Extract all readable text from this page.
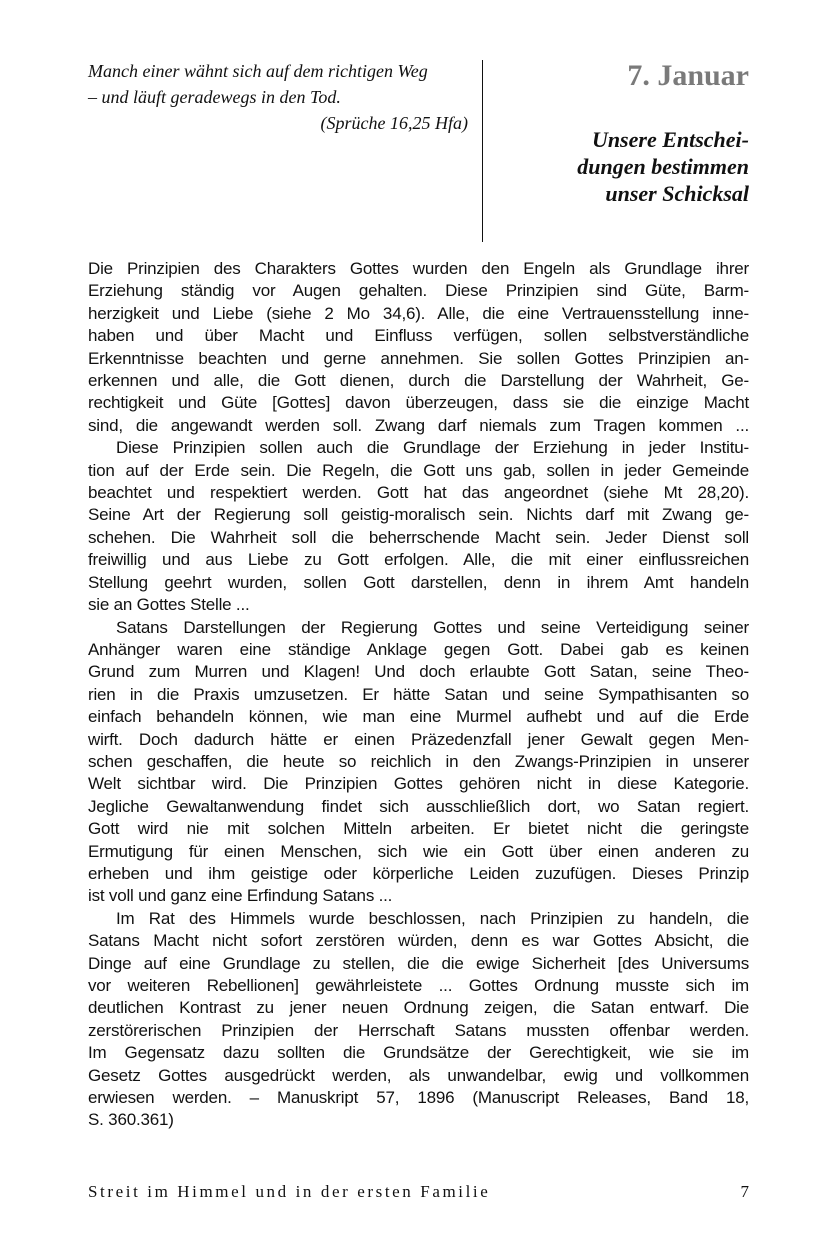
Manch einer wähnt sich auf dem richtigen Weg
– und läuft geradewegs in den Tod.
(Sprüche 16,25 Hfa)
7. Januar
Unsere Entschei-
dungen bestimmen
unser Schicksal
Die Prinzipien des Charakters Gottes wurden den Engeln als Grundlage ihrer
Erziehung ständig vor Augen gehalten. Diese Prinzipien sind Güte, Barm-
herzigkeit und Liebe (siehe 2 Mo 34,6). Alle, die eine Vertrauensstellung inne-
haben und über Macht und Einfluss verfügen, sollen selbstverständliche
Erkenntnisse beachten und gerne annehmen. Sie sollen Gottes Prinzipien an-
erkennen und alle, die Gott dienen, durch die Darstellung der Wahrheit, Ge-
rechtigkeit und Güte [Gottes] davon überzeugen, dass sie die einzige Macht
sind, die angewandt werden soll. Zwang darf niemals zum Tragen kommen ...
Diese Prinzipien sollen auch die Grundlage der Erziehung in jeder Institu-
tion auf der Erde sein. Die Regeln, die Gott uns gab, sollen in jeder Gemeinde
beachtet und respektiert werden. Gott hat das angeordnet (siehe Mt 28,20).
Seine Art der Regierung soll geistig-moralisch sein. Nichts darf mit Zwang ge-
schehen. Die Wahrheit soll die beherrschende Macht sein. Jeder Dienst soll
freiwillig und aus Liebe zu Gott erfolgen. Alle, die mit einer einflussreichen
Stellung geehrt wurden, sollen Gott darstellen, denn in ihrem Amt handeln
sie an Gottes Stelle ...
Satans Darstellungen der Regierung Gottes und seine Verteidigung seiner
Anhänger waren eine ständige Anklage gegen Gott. Dabei gab es keinen
Grund zum Murren und Klagen! Und doch erlaubte Gott Satan, seine Theo-
rien in die Praxis umzusetzen. Er hätte Satan und seine Sympathisanten so
einfach behandeln können, wie man eine Murmel aufhebt und auf die Erde
wirft. Doch dadurch hätte er einen Präzedenzfall jener Gewalt gegen Men-
schen geschaffen, die heute so reichlich in den Zwangs-Prinzipien in unserer
Welt sichtbar wird. Die Prinzipien Gottes gehören nicht in diese Kategorie.
Jegliche Gewaltanwendung findet sich ausschließlich dort, wo Satan regiert.
Gott wird nie mit solchen Mitteln arbeiten. Er bietet nicht die geringste
Ermutigung für einen Menschen, sich wie ein Gott über einen anderen zu
erheben und ihm geistige oder körperliche Leiden zuzufügen. Dieses Prinzip
ist voll und ganz eine Erfindung Satans ...
Im Rat des Himmels wurde beschlossen, nach Prinzipien zu handeln, die
Satans Macht nicht sofort zerstören würden, denn es war Gottes Absicht, die
Dinge auf eine Grundlage zu stellen, die die ewige Sicherheit [des Universums
vor weiteren Rebellionen] gewährleistete ... Gottes Ordnung musste sich im
deutlichen Kontrast zu jener neuen Ordnung zeigen, die Satan entwarf. Die
zerstörerischen Prinzipien der Herrschaft Satans mussten offenbar werden.
Im Gegensatz dazu sollten die Grundsätze der Gerechtigkeit, wie sie im
Gesetz Gottes ausgedrückt werden, als unwandelbar, ewig und vollkommen
erwiesen werden. – Manuskript 57, 1896 (Manuscript Releases, Band 18,
S. 360.361)
Streit im Himmel und in der ersten Familie	7
